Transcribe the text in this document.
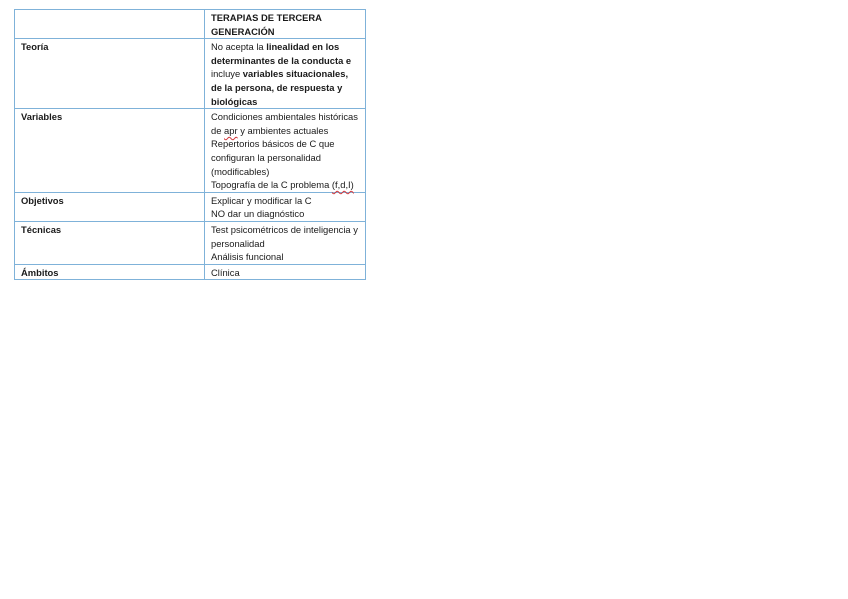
	TERAPIAS DE TERCERA GENERACIÓN
Teoría	No acepta la linealidad en los determinantes de la conducta e incluye variables situacionales, de la persona, de respuesta y biológicas
Variables	Condiciones ambientales históricas de apr y ambientes actuales
Repertorios básicos de C que configuran la personalidad (modificables)
Topografía de la C problema (f,d,I)

Objetivos	Explicar y modificar la C
NO dar un diagnóstico

Técnicas	Test psicométricos de inteligencia y personalidad
Análisis funcional

Ámbitos	Clínica
